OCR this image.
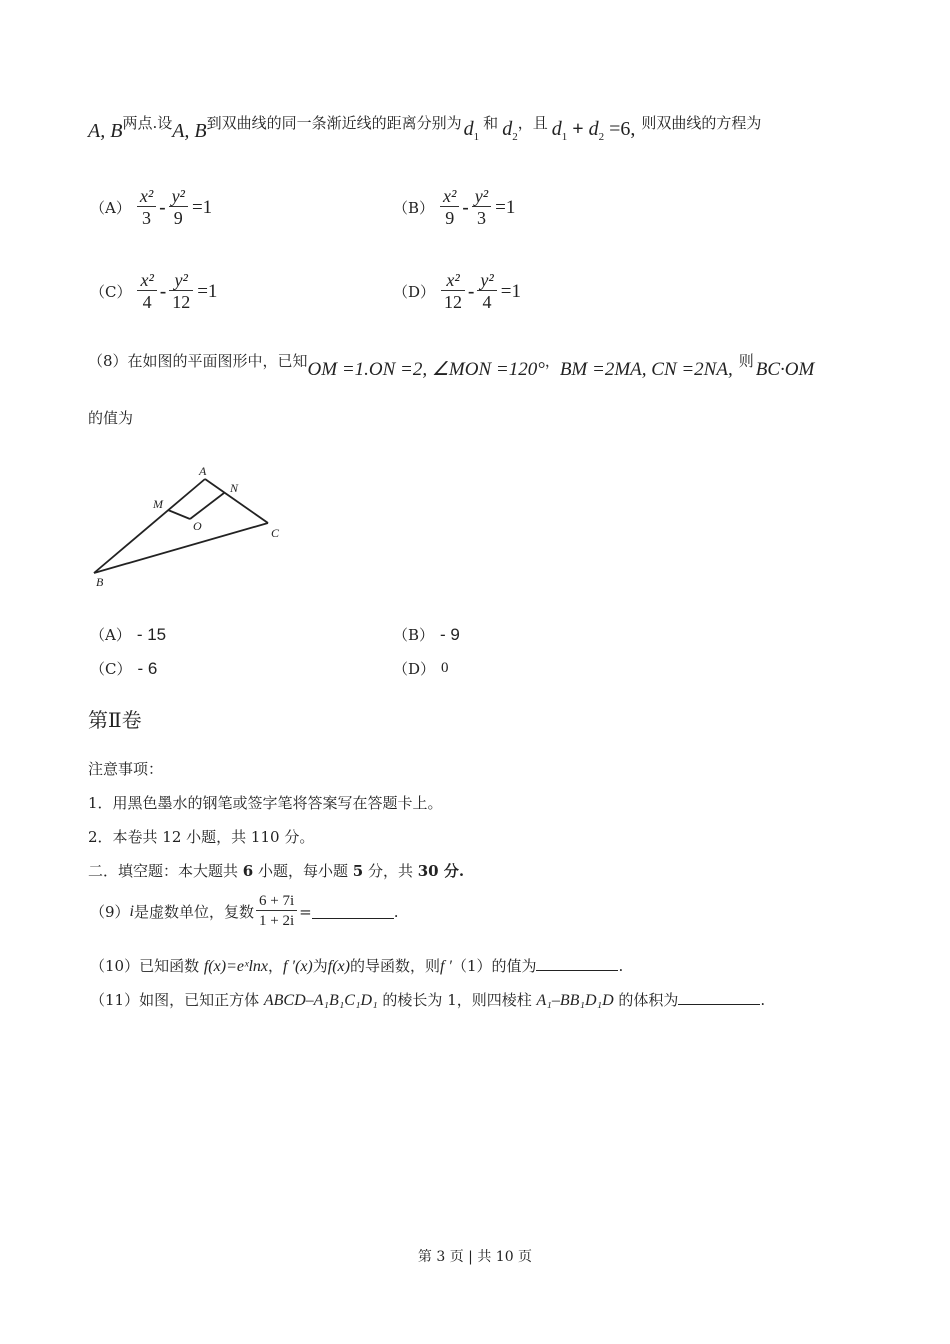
A, B 两点.设 A, B 到双曲线的同一条渐近线的距离分别为 $d_1$
和 $d_2$
，且 $d_1 + d_2 =6$, 则双曲线的方程为
$(A) \frac{\text{x²}}{3} - \frac{\text{y²}}{9} =1$	$(B) \frac{\text{x²}}{9} - \frac{\text{y²}}{3} =1$
$(C) \frac{\text{x²}}{4} - \frac{\text{y²}}{12} =1$	$(D) \frac{\text{x²}}{12} - \frac{\text{y²}}{4} =1$
（8）在如图的平面图形中，已知 OM =1.ON =2, ∠MON =120° ， BM =2MA, CN =2NA, 则 BC·OM
的值为
A
N
M
O	C
B
（A） - 15	（B） - 9
（C） - 6	（D） 0
第Ⅱ卷
注意事项：
1．用黑色墨水的钢笔或签字笔将答案写在答题卡上。
2．本卷共 12 小题，共 110 分。
二．填空题：本大题共 6 小题，每小题 5 分，共 30 分.
（9） i 是虚数单位，复数 $\frac{6 + 7i}{1 + 2i}$ =	.
（10）已知函数 f(x)=eˣlnx，f ′(x)为f(x)的导函数，则f ′（1）的值为	.
（11）如图，已知正方体 ABCD–A₁B₁C₁D₁ 的棱长为 1，则四棱柱 A₁–BB₁D₁D 的体积为	.
第 3 页 | 共 10 页
